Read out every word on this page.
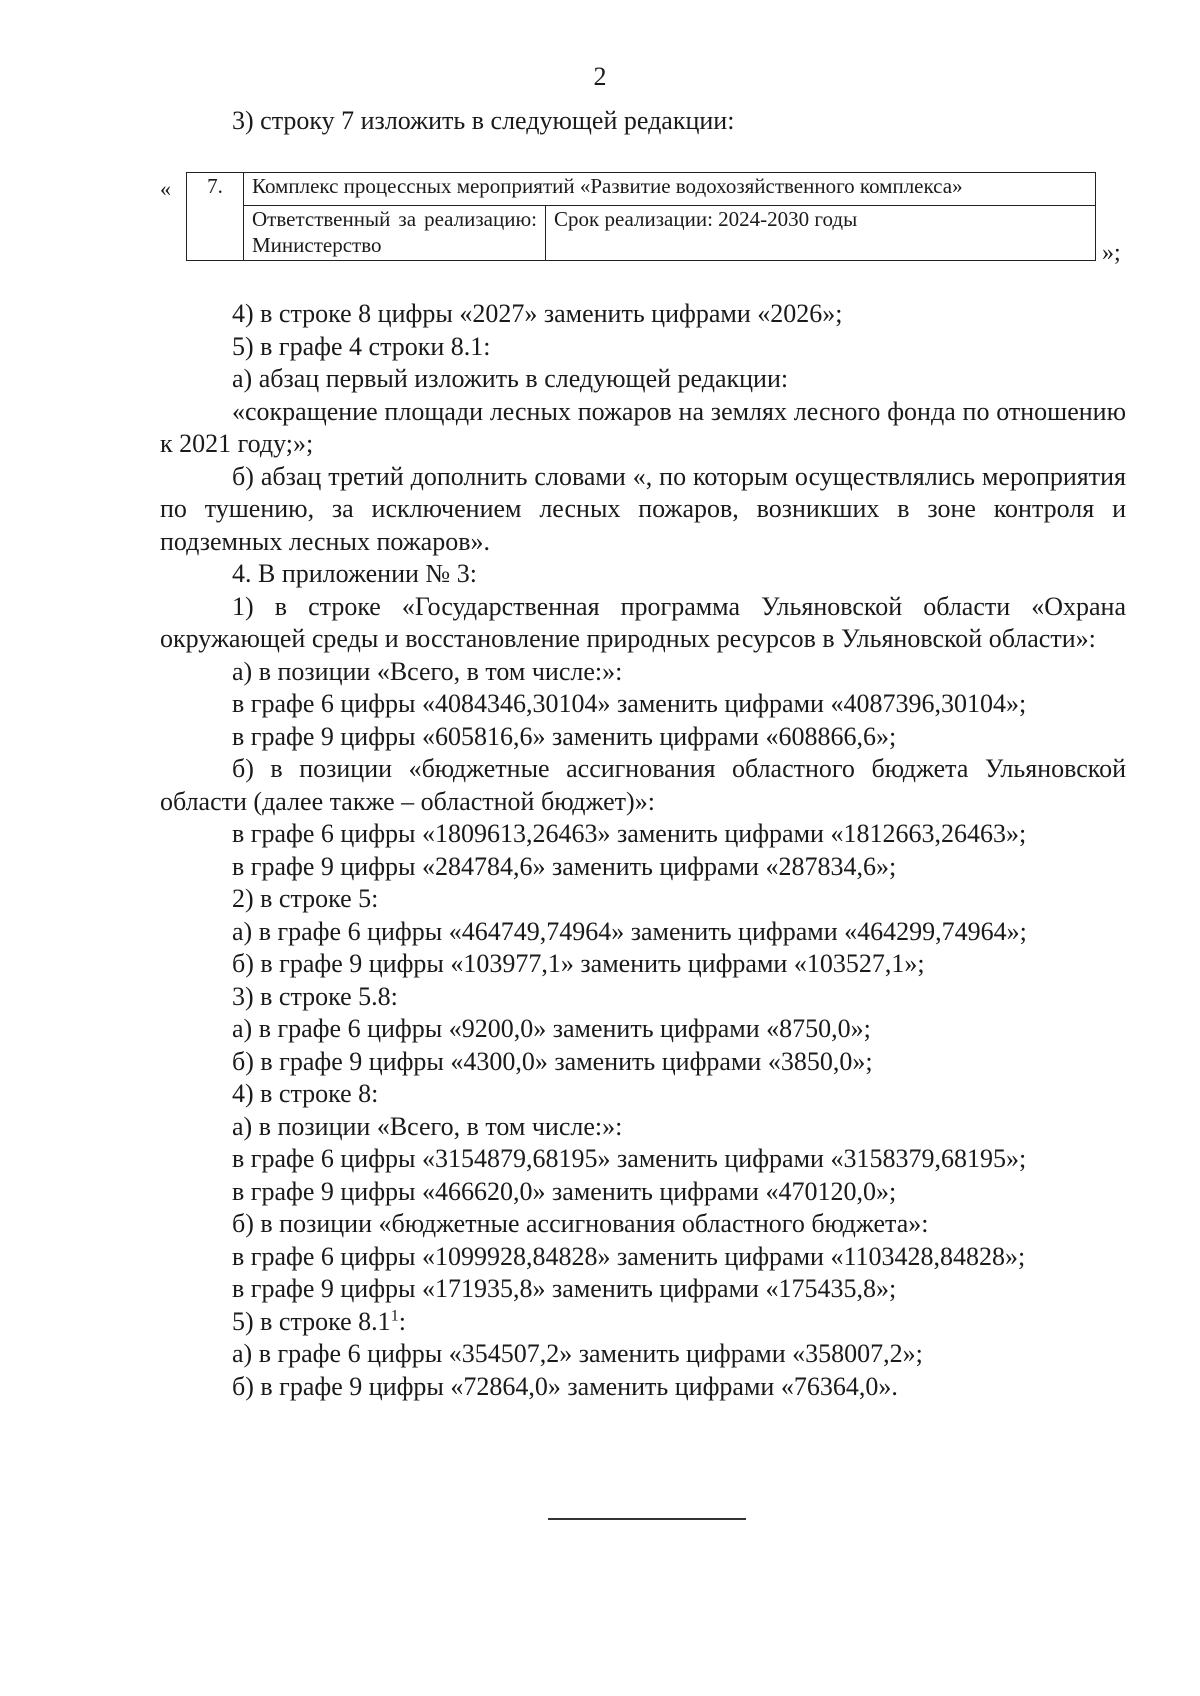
2
3) строку 7 изложить в следующей редакции:
« 7.	Комплекс процессных мероприятий «Развитие водохозяйственного комплекса»	
	Ответственный за реализацию: Министерство	Срок реализации: 2024-2030 годы
»;

4) в строке 8 цифры «2027» заменить цифрами «2026»;

5) в графе 4 строки 8.1:

а) абзац первый изложить в следующей редакции:

«сокращение площади лесных пожаров на землях лесного фонда по отношению к 2021 году;»;

б) абзац третий дополнить словами «, по которым осуществлялись мероприятия по тушению, за исключением лесных пожаров, возникших в зоне контроля и подземных лесных пожаров».

4. В приложении № 3:

1) в строке «Государственная программа Ульяновской области «Охрана окружающей среды и восстановление природных ресурсов в Ульяновской области»:

а) в позиции «Всего, в том числе:»:

в графе 6 цифры «4084346,30104» заменить цифрами «4087396,30104»;

в графе 9 цифры «605816,6» заменить цифрами «608866,6»;

б) в позиции «бюджетные ассигнования областного бюджета Ульяновской области (далее также – областной бюджет)»:

в графе 6 цифры «1809613,26463» заменить цифрами «1812663,26463»;

в графе 9 цифры «284784,6» заменить цифрами «287834,6»;

2) в строке 5:

а) в графе 6 цифры «464749,74964» заменить цифрами «464299,74964»;

б) в графе 9 цифры «103977,1» заменить цифрами «103527,1»;

3) в строке 5.8:

а) в графе 6 цифры «9200,0» заменить цифрами «8750,0»;

б) в графе 9 цифры «4300,0» заменить цифрами «3850,0»;

4) в строке 8:

а) в позиции «Всего, в том числе:»:

в графе 6 цифры «3154879,68195» заменить цифрами «3158379,68195»;

в графе 9 цифры «466620,0» заменить цифрами «470120,0»;

б) в позиции «бюджетные ассигнования областного бюджета»:

в графе 6 цифры «1099928,84828» заменить цифрами «1103428,84828»;

в графе 9 цифры «171935,8» заменить цифрами «175435,8»;

5) в строке $8.1^1$:

а) в графе 6 цифры «354507,2» заменить цифрами «358007,2»;

б) в графе 9 цифры «72864,0» заменить цифрами «76364,0».
